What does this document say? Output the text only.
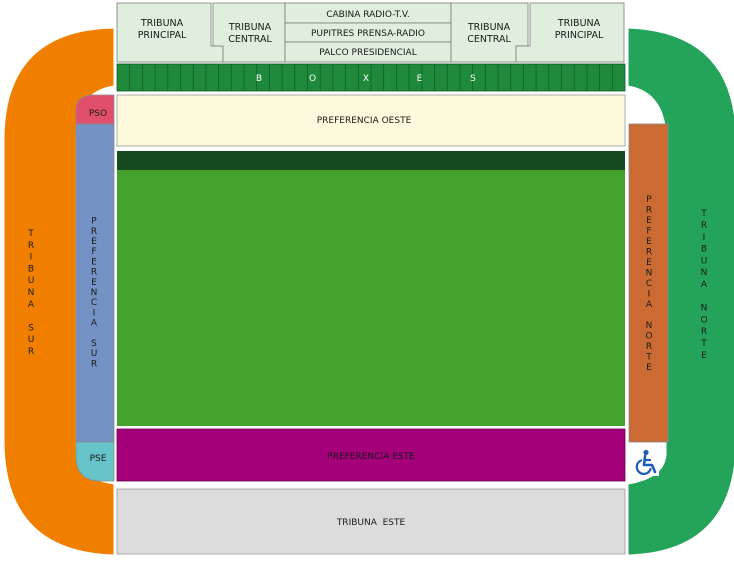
T
R
I
B
U
N
A
S
U
R
T
R
I
B
U
N
A
N
O
R
T
E
TRIBUNA
PRINCIPAL
TRIBUNA
CENTRAL
CABINA RADIO-T.V.
PUPITRES PRENSA-RADIO
PALCO PRESIDENCIAL
TRIBUNA
CENTRAL
TRIBUNA
PRINCIPAL
B	O	X	E	S
PREFERENCIA OESTE
PSO
P
R
E
F
E
R
E
N
C
I
A
S
U
R
PSE
P
R
E
F
E
R
E
N
C
I
A
N
O
R
T
E
PREFERENCIA ESTE
TRIBUNA  ESTE
